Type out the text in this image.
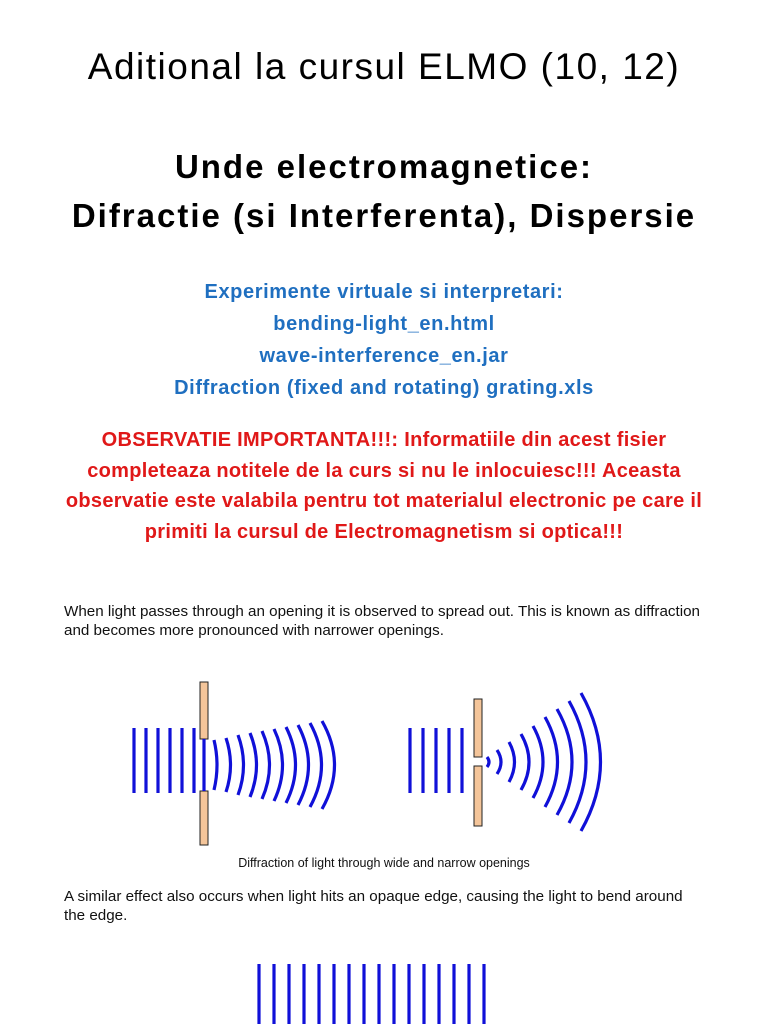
Aditional la cursul ELMO (10, 12)
Unde electromagnetice:
Difractie (si Interferenta), Dispersie
Experimente virtuale si interpretari:
bending-light_en.html
wave-interference_en.jar
Diffraction (fixed and rotating) grating.xls
OBSERVATIE IMPORTANTA!!!: Informatiile din acest fisier completeaza notitele de la curs si nu le inlocuiesc!!! Aceasta observatie este valabila pentru tot materialul electronic pe care il primiti la cursul de Electromagnetism si optica!!!
When light passes through an opening it is observed to spread out. This is known as diffraction and becomes more pronounced with narrower openings.
Diffraction of light through wide and narrow openings
A similar effect also occurs when light hits an opaque edge, causing the light to bend around the edge.
